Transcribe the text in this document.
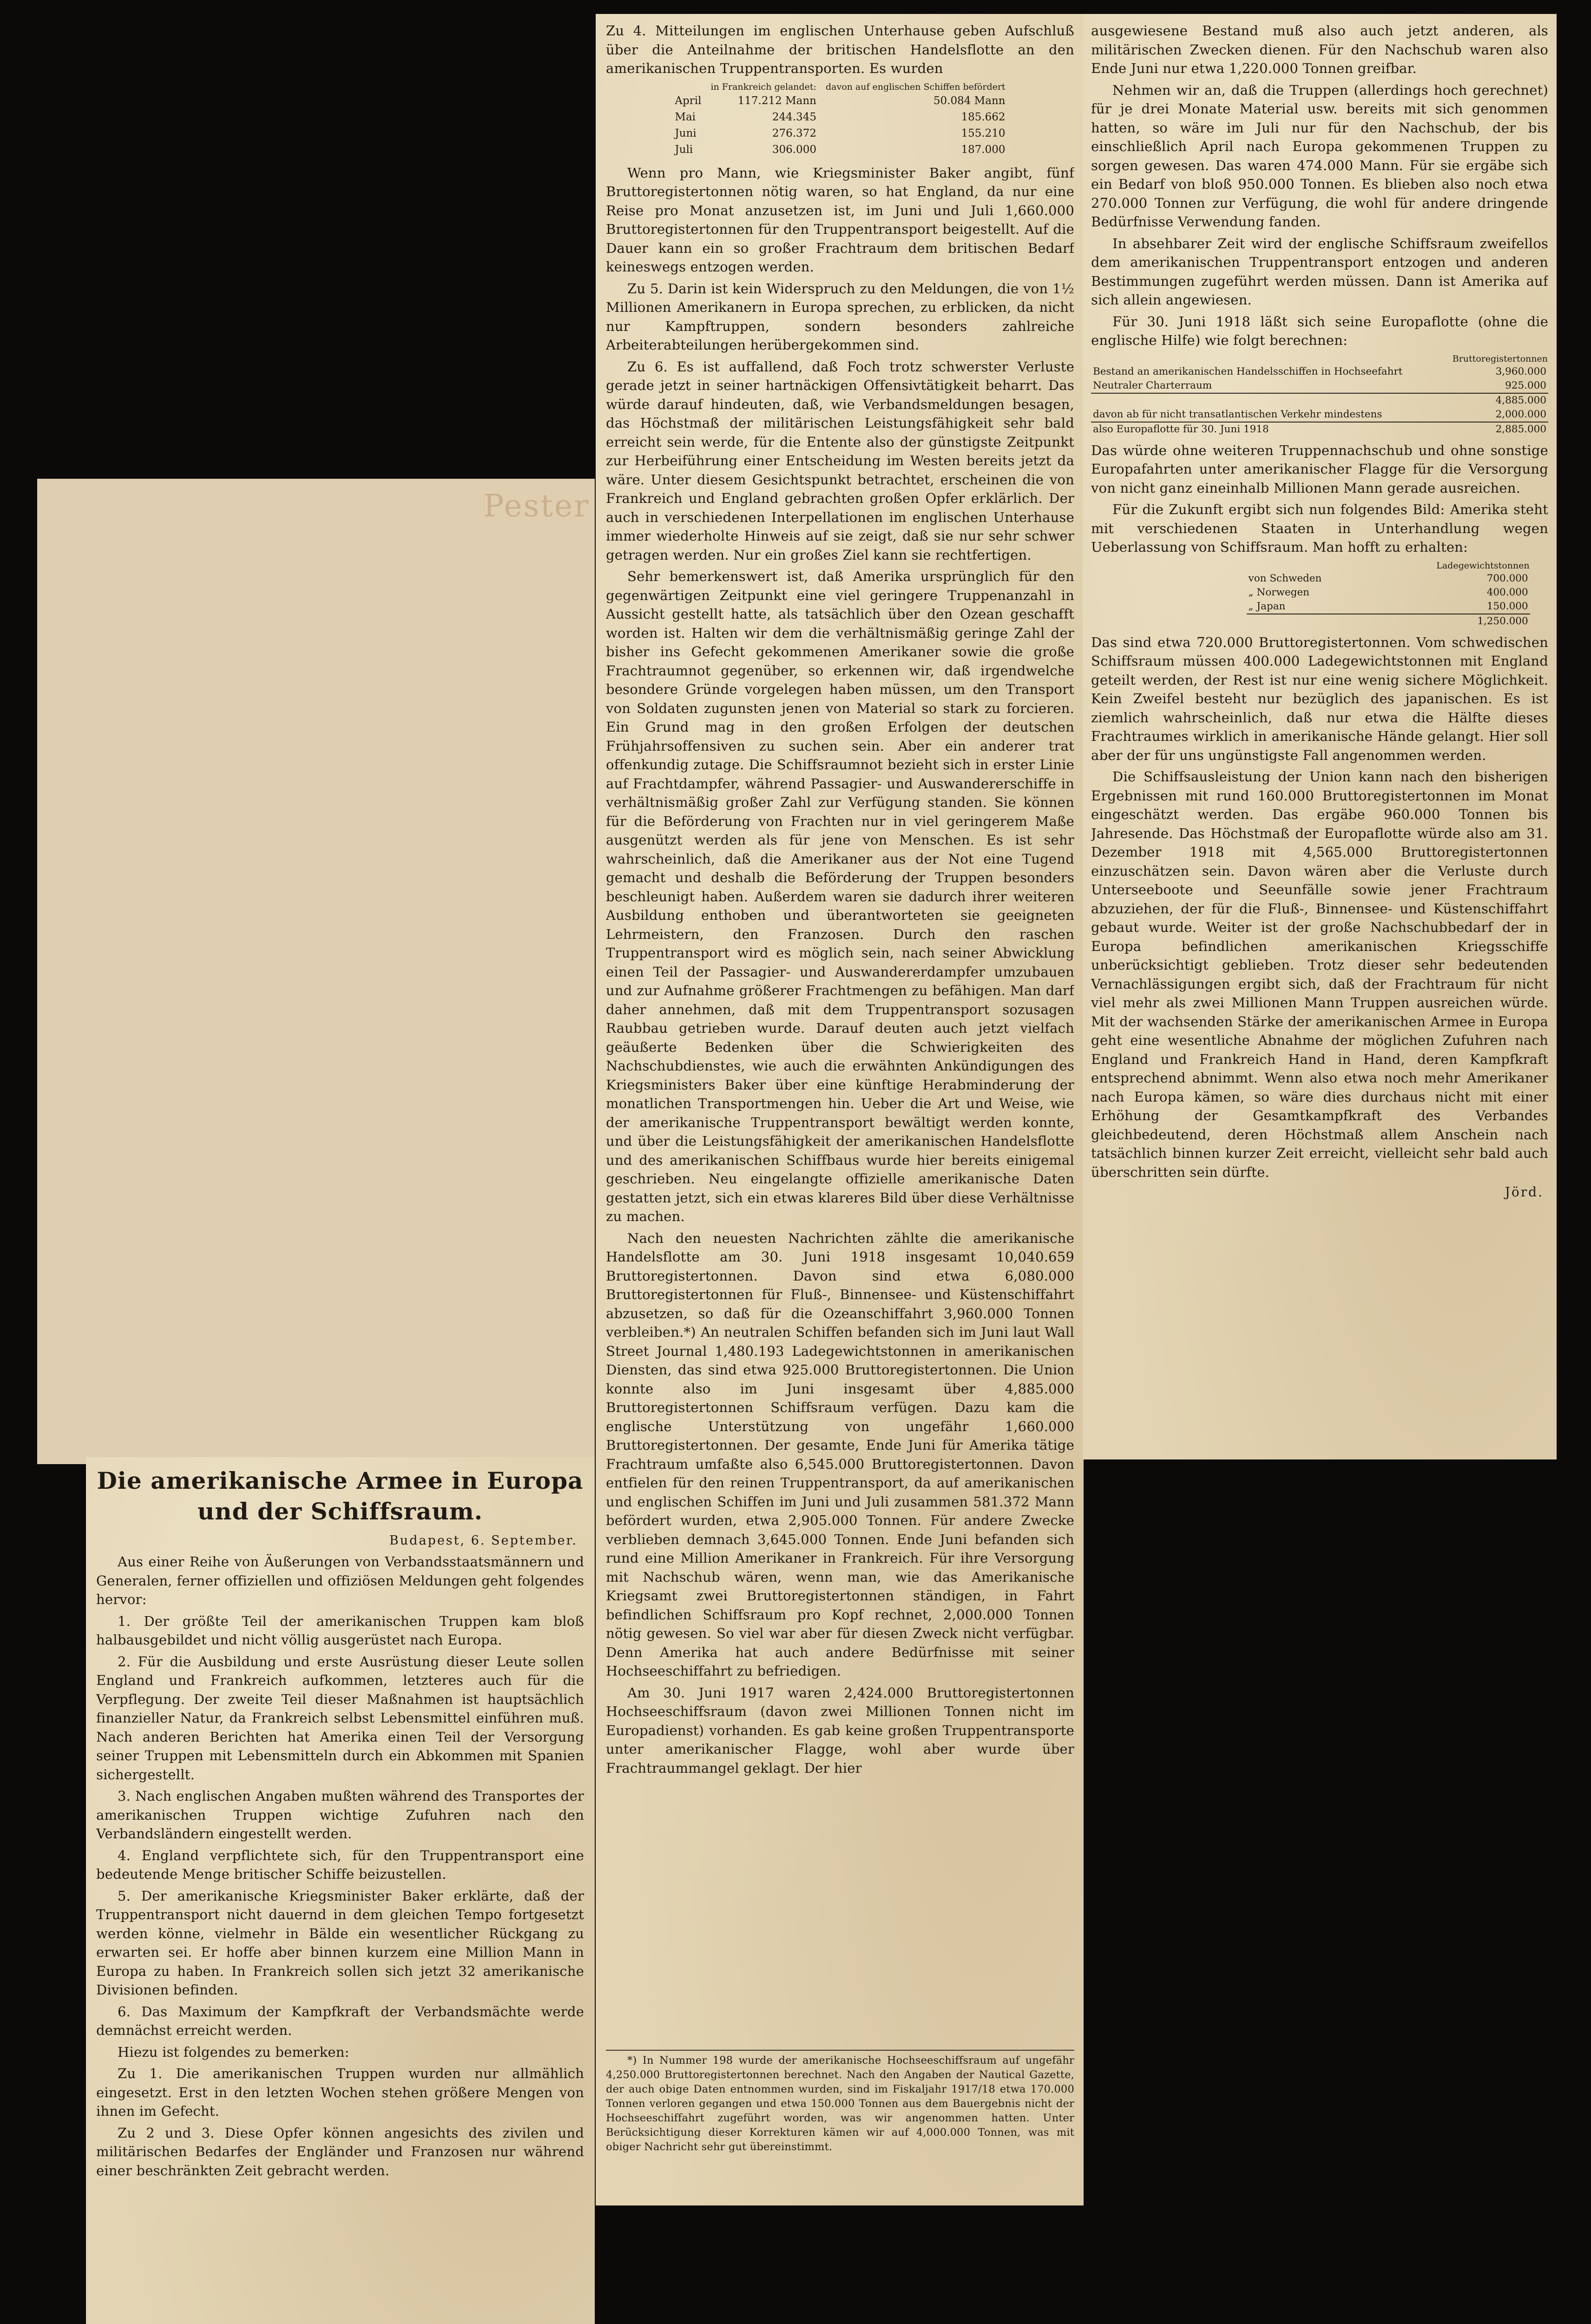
Pester

Zu 4. Mitteilungen im englischen Unterhause geben Aufschluß über die Anteilnahme der britischen Handelsflotte an den amerikanischen Truppentransporten. Es wurden

	in Frankreich gelandet:	davon auf englischen Schiffen befördert
April	117.212 Mann	50.084 Mann
Mai	244.345	185.662
Juni	276.372	155.210
Juli	306.000	187.000

Wenn pro Mann, wie Kriegsminister Baker angibt, fünf Bruttoregistertonnen nötig waren, so hat England, da nur eine Reise pro Monat anzusetzen ist, im Juni und Juli 1,660.000 Bruttoregistertonnen für den Truppentransport beigestellt. Auf die Dauer kann ein so großer Frachtraum dem britischen Bedarf keineswegs entzogen werden.

Zu 5. Darin ist kein Widerspruch zu den Meldungen, die von 1½ Millionen Amerikanern in Europa sprechen, zu erblicken, da nicht nur Kampftruppen, sondern besonders zahlreiche Arbeiterabteilungen herübergekommen sind.

Zu 6. Es ist auffallend, daß Foch trotz schwerster Verluste gerade jetzt in seiner hartnäckigen Offensivtätigkeit beharrt. Das würde darauf hindeuten, daß, wie Verbandsmeldungen besagen, das Höchstmaß der militärischen Leistungsfähigkeit sehr bald erreicht sein werde, für die Entente also der günstigste Zeitpunkt zur Herbeiführung einer Entscheidung im Westen bereits jetzt da wäre. Unter diesem Gesichtspunkt betrachtet, erscheinen die von Frankreich und England gebrachten großen Opfer erklärlich. Der auch in verschiedenen Interpellationen im englischen Unterhause immer wiederholte Hinweis auf sie zeigt, daß sie nur sehr schwer getragen werden. Nur ein großes Ziel kann sie rechtfertigen.

Sehr bemerkenswert ist, daß Amerika ursprünglich für den gegenwärtigen Zeitpunkt eine viel geringere Truppenanzahl in Aussicht gestellt hatte, als tatsächlich über den Ozean geschafft worden ist. Halten wir dem die verhältnismäßig geringe Zahl der bisher ins Gefecht gekommenen Amerikaner sowie die große Frachtraumnot gegenüber, so erkennen wir, daß irgendwelche besondere Gründe vorgelegen haben müssen, um den Transport von Soldaten zugunsten jenen von Material so stark zu forcieren. Ein Grund mag in den großen Erfolgen der deutschen Frühjahrsoffensiven zu suchen sein. Aber ein anderer trat offenkundig zutage. Die Schiffsraumnot bezieht sich in erster Linie auf Frachtdampfer, während Passagier- und Auswandererschiffe in verhältnismäßig großer Zahl zur Verfügung standen. Sie können für die Beförderung von Frachten nur in viel geringerem Maße ausgenützt werden als für jene von Menschen. Es ist sehr wahrscheinlich, daß die Amerikaner aus der Not eine Tugend gemacht und deshalb die Beförderung der Truppen besonders beschleunigt haben. Außerdem waren sie dadurch ihrer weiteren Ausbildung enthoben und überantworteten sie geeigneten Lehrmeistern, den Franzosen. Durch den raschen Truppentransport wird es möglich sein, nach seiner Abwicklung einen Teil der Passagier- und Auswandererdampfer umzubauen und zur Aufnahme größerer Frachtmengen zu befähigen. Man darf daher annehmen, daß mit dem Truppentransport sozusagen Raubbau getrieben wurde. Darauf deuten auch jetzt vielfach geäußerte Bedenken über die Schwierigkeiten des Nachschubdienstes, wie auch die erwähnten Ankündigungen des Kriegsministers Baker über eine künftige Herabminderung der monatlichen Transportmengen hin. Ueber die Art und Weise, wie der amerikanische Truppentransport bewältigt werden konnte, und über die Leistungsfähigkeit der amerikanischen Handelsflotte und des amerikanischen Schiffbaus wurde hier bereits einigemal geschrieben. Neu eingelangte offizielle amerikanische Daten gestatten jetzt, sich ein etwas klareres Bild über diese Verhältnisse zu machen.

Nach den neuesten Nachrichten zählte die amerikanische Handelsflotte am 30. Juni 1918 insgesamt 10,040.659 Bruttoregistertonnen. Davon sind etwa 6,080.000 Bruttoregistertonnen für Fluß-, Binnensee- und Küstenschiffahrt abzusetzen, so daß für die Ozeanschiffahrt 3,960.000 Tonnen verbleiben.*) An neutralen Schiffen befanden sich im Juni laut Wall Street Journal 1,480.193 Ladegewichtstonnen in amerikanischen Diensten, das sind etwa 925.000 Bruttoregistertonnen. Die Union konnte also im Juni insgesamt über 4,885.000 Bruttoregistertonnen Schiffsraum verfügen. Dazu kam die englische Unterstützung von ungefähr 1,660.000 Bruttoregistertonnen. Der gesamte, Ende Juni für Amerika tätige Frachtraum umfaßte also 6,545.000 Bruttoregistertonnen. Davon entfielen für den reinen Truppentransport, da auf amerikanischen und englischen Schiffen im Juni und Juli zusammen 581.372 Mann befördert wurden, etwa 2,905.000 Tonnen. Für andere Zwecke verblieben demnach 3,645.000 Tonnen. Ende Juni befanden sich rund eine Million Amerikaner in Frankreich. Für ihre Versorgung mit Nachschub wären, wenn man, wie das Amerikanische Kriegsamt zwei Bruttoregistertonnen ständigen, in Fahrt befindlichen Schiffsraum pro Kopf rechnet, 2,000.000 Tonnen nötig gewesen. So viel war aber für diesen Zweck nicht verfügbar. Denn Amerika hat auch andere Bedürfnisse mit seiner Hochseeschiffahrt zu befriedigen.

Am 30. Juni 1917 waren 2,424.000 Bruttoregistertonnen Hochseeschiffsraum (davon zwei Millionen Tonnen nicht im Europadienst) vorhanden. Es gab keine großen Truppentransporte unter amerikanischer Flagge, wohl aber wurde über Frachtraummangel geklagt. Der hier

*) In Nummer 198 wurde der amerikanische Hochseeschiffsraum auf ungefähr 4,250.000 Bruttoregistertonnen berechnet. Nach den Angaben der Nautical Gazette, der auch obige Daten entnommen wurden, sind im Fiskaljahr 1917/18 etwa 170.000 Tonnen verloren gegangen und etwa 150.000 Tonnen aus dem Bauergebnis nicht der Hochseeschiffahrt zugeführt worden, was wir angenommen hatten. Unter Berücksichtigung dieser Korrekturen kämen wir auf 4,000.000 Tonnen, was mit obiger Nachricht sehr gut übereinstimmt.

ausgewiesene Bestand muß also auch jetzt anderen, als militärischen Zwecken dienen. Für den Nachschub waren also Ende Juni nur etwa 1,220.000 Tonnen greifbar.

Nehmen wir an, daß die Truppen (allerdings hoch gerechnet) für je drei Monate Material usw. bereits mit sich genommen hatten, so wäre im Juli nur für den Nachschub, der bis einschließlich April nach Europa gekommenen Truppen zu sorgen gewesen. Das waren 474.000 Mann. Für sie ergäbe sich ein Bedarf von bloß 950.000 Tonnen. Es blieben also noch etwa 270.000 Tonnen zur Verfügung, die wohl für andere dringende Bedürfnisse Verwendung fanden.

In absehbarer Zeit wird der englische Schiffsraum zweifellos dem amerikanischen Truppentransport entzogen und anderen Bestimmungen zugeführt werden müssen. Dann ist Amerika auf sich allein angewiesen.

Für 30. Juni 1918 läßt sich seine Europaflotte (ohne die englische Hilfe) wie folgt berechnen:

	Bruttoregistertonnen
Bestand an amerikanischen Handelsschiffen in Hochseefahrt	3,960.000
Neutraler Charterraum	925.000
	4,885.000
davon ab für nicht transatlantischen Verkehr mindestens	2,000.000
also Europaflotte für 30. Juni 1918	2,885.000

Das würde ohne weiteren Truppennachschub und ohne sonstige Europafahrten unter amerikanischer Flagge für die Versorgung von nicht ganz eineinhalb Millionen Mann gerade ausreichen.

Für die Zukunft ergibt sich nun folgendes Bild: Amerika steht mit verschiedenen Staaten in Unterhandlung wegen Ueberlassung von Schiffsraum. Man hofft zu erhalten:

	Ladegewichtstonnen
von Schweden	700.000
„ Norwegen	400.000
„ Japan	150.000
	1,250.000

Das sind etwa 720.000 Bruttoregistertonnen. Vom schwedischen Schiffsraum müssen 400.000 Ladegewichtstonnen mit England geteilt werden, der Rest ist nur eine wenig sichere Möglichkeit. Kein Zweifel besteht nur bezüglich des japanischen. Es ist ziemlich wahrscheinlich, daß nur etwa die Hälfte dieses Frachtraumes wirklich in amerikanische Hände gelangt. Hier soll aber der für uns ungünstigste Fall angenommen werden.

Die Schiffsausleistung der Union kann nach den bisherigen Ergebnissen mit rund 160.000 Bruttoregistertonnen im Monat eingeschätzt werden. Das ergäbe 960.000 Tonnen bis Jahresende. Das Höchstmaß der Europaflotte würde also am 31. Dezember 1918 mit 4,565.000 Bruttoregistertonnen einzuschätzen sein. Davon wären aber die Verluste durch Unterseeboote und Seeunfälle sowie jener Frachtraum abzuziehen, der für die Fluß-, Binnensee- und Küstenschiffahrt gebaut wurde. Weiter ist der große Nachschubbedarf der in Europa befindlichen amerikanischen Kriegsschiffe unberücksichtigt geblieben. Trotz dieser sehr bedeutenden Vernachlässigungen ergibt sich, daß der Frachtraum für nicht viel mehr als zwei Millionen Mann Truppen ausreichen würde. Mit der wachsenden Stärke der amerikanischen Armee in Europa geht eine wesentliche Abnahme der möglichen Zufuhren nach England und Frankreich Hand in Hand, deren Kampfkraft entsprechend abnimmt. Wenn also etwa noch mehr Amerikaner nach Europa kämen, so wäre dies durchaus nicht mit einer Erhöhung der Gesamtkampfkraft des Verbandes gleichbedeutend, deren Höchstmaß allem Anschein nach tatsächlich binnen kurzer Zeit erreicht, vielleicht sehr bald auch überschritten sein dürfte.

Jörd.
Die amerikanische Armee in Europa und der Schiffsraum.
Budapest, 6. September.

Aus einer Reihe von Äußerungen von Verbandsstaatsmännern und Generalen, ferner offiziellen und offiziösen Meldungen geht folgendes hervor:

1. Der größte Teil der amerikanischen Truppen kam bloß halbausgebildet und nicht völlig ausgerüstet nach Europa.

2. Für die Ausbildung und erste Ausrüstung dieser Leute sollen England und Frankreich aufkommen, letzteres auch für die Verpflegung. Der zweite Teil dieser Maßnahmen ist hauptsächlich finanzieller Natur, da Frankreich selbst Lebensmittel einführen muß. Nach anderen Berichten hat Amerika einen Teil der Versorgung seiner Truppen mit Lebensmitteln durch ein Abkommen mit Spanien sichergestellt.

3. Nach englischen Angaben mußten während des Transportes der amerikanischen Truppen wichtige Zufuhren nach den Verbandsländern eingestellt werden.

4. England verpflichtete sich, für den Truppentransport eine bedeutende Menge britischer Schiffe beizustellen.

5. Der amerikanische Kriegsminister Baker erklärte, daß der Truppentransport nicht dauernd in dem gleichen Tempo fortgesetzt werden könne, vielmehr in Bälde ein wesentlicher Rückgang zu erwarten sei. Er hoffe aber binnen kurzem eine Million Mann in Europa zu haben. In Frankreich sollen sich jetzt 32 amerikanische Divisionen befinden.

6. Das Maximum der Kampfkraft der Verbandsmächte werde demnächst erreicht werden.

Hiezu ist folgendes zu bemerken:

Zu 1. Die amerikanischen Truppen wurden nur allmählich eingesetzt. Erst in den letzten Wochen stehen größere Mengen von ihnen im Gefecht.

Zu 2 und 3. Diese Opfer können angesichts des zivilen und militärischen Bedarfes der Engländer und Franzosen nur während einer beschränkten Zeit gebracht werden.
